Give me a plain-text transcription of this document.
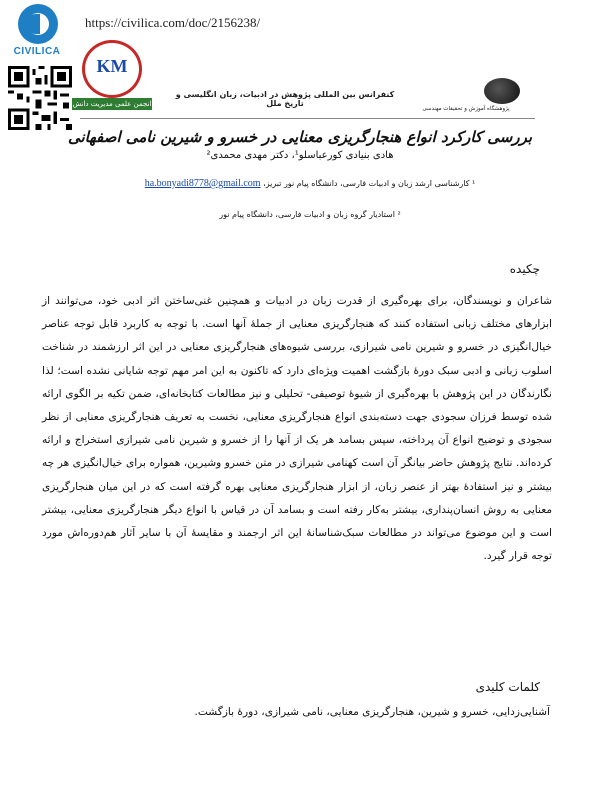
CIVILICA
https://civilica.com/doc/2156238/
KM
انجمن علمی مدیریت دانش
کنفرانس بین المللی پژوهش در ادبیات، زبان انگلیسی و تاریخ ملل
پژوهشگاه آموزش و تحقیقات مهندسی
بررسی کارکرد انواع هنجارگریزی معنایی در خسرو و شیرین نامی اصفهانی
هادی بنیادی کورعباسلو¹، دکتر مهدی محمدی²
¹ کارشناسی ارشد زبان و ادبیات فارسی، دانشگاه پیام نور تبریز، ha.bonyadi8778@gmail.com
² استادیار گروه زبان و ادبیات فارسی، دانشگاه پیام نور
چکیده
شاعران و نویسندگان، برای بهره‌گیری از قدرت زبان در ادبیات و همچنین غنی‌ساختن اثر ادبی خود، می‌توانند از ابزارهای مختلف زبانی استفاده کنند که هنجارگریزی معنایی از جملهٔ آنها است. با توجه به کاربرد قابل توجه عناصر خیال‌انگیزی در خسرو و شیرین نامی شیرازی، بررسی شیوه‌های هنجارگریزی معنایی در این اثر ارزشمند در شناخت اسلوب زبانی و ادبی سبک دورهٔ بازگشت اهمیت ویژه‌ای دارد که تاکنون به این امر مهم توجه شایانی نشده است؛ لذا نگارندگان در این پژوهش با بهره‌گیری از شیوهٔ توصیفی- تحلیلی و نیز مطالعات کتابخانه‌ای، ضمن تکیه بر الگوی ارائه شده توسط فرزان سجودی جهت دسته‌بندی انواع هنجارگریزی معنایی، نخست به تعریف هنجارگریزی معنایی از نظر سجودی و توضیح انواع آن پرداخته، سپس بسامد هر یک از آنها را از خسرو و شیرین نامی شیرازی استخراج و ارائه کرده‌اند. نتایج پژوهش حاضر بیانگر آن است کهنامی شیرازی در متن خسرو وشیرین، همواره برای خیال‌انگیزی هر چه بیشتر و نیز استفادهٔ بهتر از عنصر زبان، از ابزار هنجارگریزی معنایی بهره گرفته است که در این میان هنجارگریزی معنایی به روش انسان‌پنداری، بیشتر به‌کار رفته است و بسامد آن در قیاس با انواع دیگر هنجارگریزی معنایی، بیشتر است و این موضوع می‌تواند در مطالعات سبک‌شناسانهٔ این اثر ارجمند و مقایسهٔ آن با سایر آثار هم‌دوره‌اش مورد توجه قرار گیرد.
کلمات کلیدی
آشنایی‌زدایی، خسرو و شیرین، هنجارگریزی معنایی، نامی شیرازی، دورهٔ بازگشت.
